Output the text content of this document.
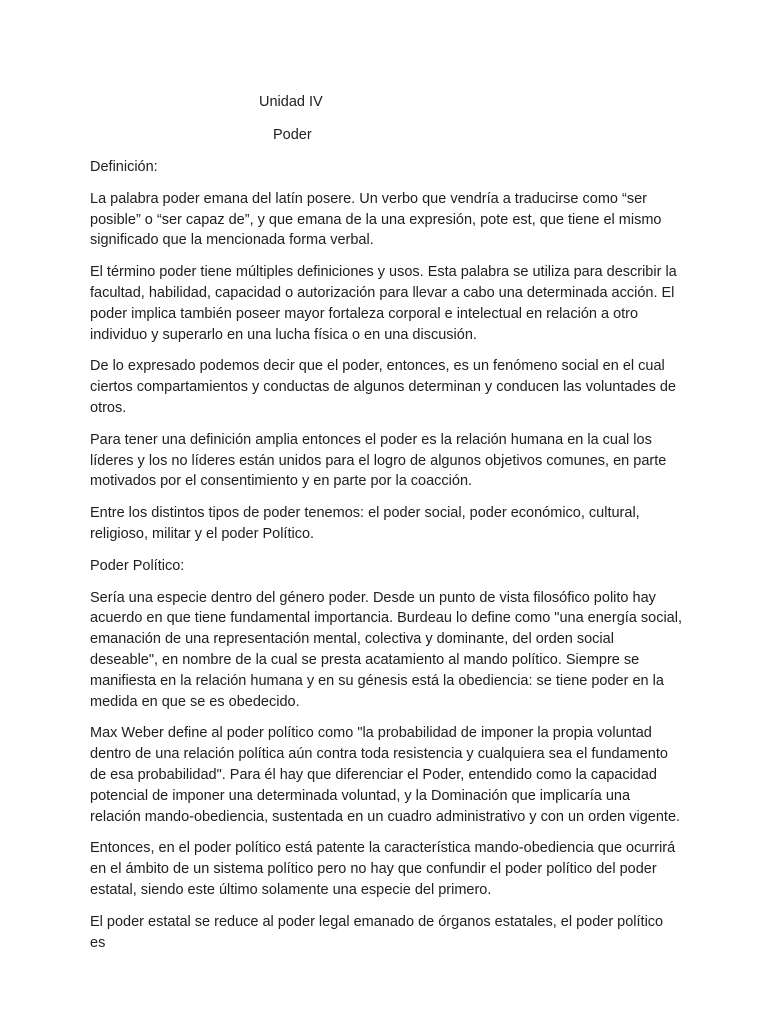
Unidad IV
Poder

Definición:

La palabra poder emana del latín posere. Un verbo que vendría a traducirse como “ser posible” o “ser capaz de”, y que emana de la una expresión, pote est, que tiene el mismo significado que la mencionada forma verbal.

El término poder tiene múltiples definiciones y usos. Esta palabra se utiliza para describir la facultad, habilidad, capacidad o autorización para llevar a cabo una determinada acción. El poder implica también poseer mayor fortaleza corporal e intelectual en relación a otro individuo y superarlo en una lucha física o en una discusión.

De lo expresado podemos decir que el poder, entonces, es un fenómeno social en el cual ciertos compartamientos y conductas de algunos determinan y conducen las voluntades de otros.

Para tener una definición amplia entonces el poder es la relación humana en la cual los líderes y los no líderes están unidos para el logro de algunos objetivos comunes, en parte motivados por el consentimiento y en parte por la coacción.

Entre los distintos tipos de poder tenemos: el poder social, poder económico, cultural, religioso, militar y el poder Político.

Poder Político:

Sería una especie dentro del género poder. Desde un punto de vista filosófico polito hay acuerdo en que tiene fundamental importancia. Burdeau lo define como "una energía social, emanación de una representación mental, colectiva y dominante, del orden social deseable", en nombre de la cual se presta acatamiento al mando político. Siempre se manifiesta en la relación humana y en su génesis está la obediencia: se tiene poder en la medida en que se es obedecido.

Max Weber define al poder político como "la probabilidad de imponer la propia voluntad dentro de una relación política aún contra toda resistencia y cualquiera sea el fundamento de esa probabilidad". Para él hay que diferenciar el Poder, entendido como la capacidad potencial de imponer una determinada voluntad, y la Dominación que implicaría una relación mando-obediencia, sustentada en un cuadro administrativo y con un orden vigente.

Entonces, en el poder político está patente la característica mando-obediencia que ocurrirá en el ámbito de un sistema político pero no hay que confundir el poder político del poder estatal, siendo este último solamente una especie del primero.

El poder estatal se reduce al poder legal emanado de órganos estatales, el poder político es
